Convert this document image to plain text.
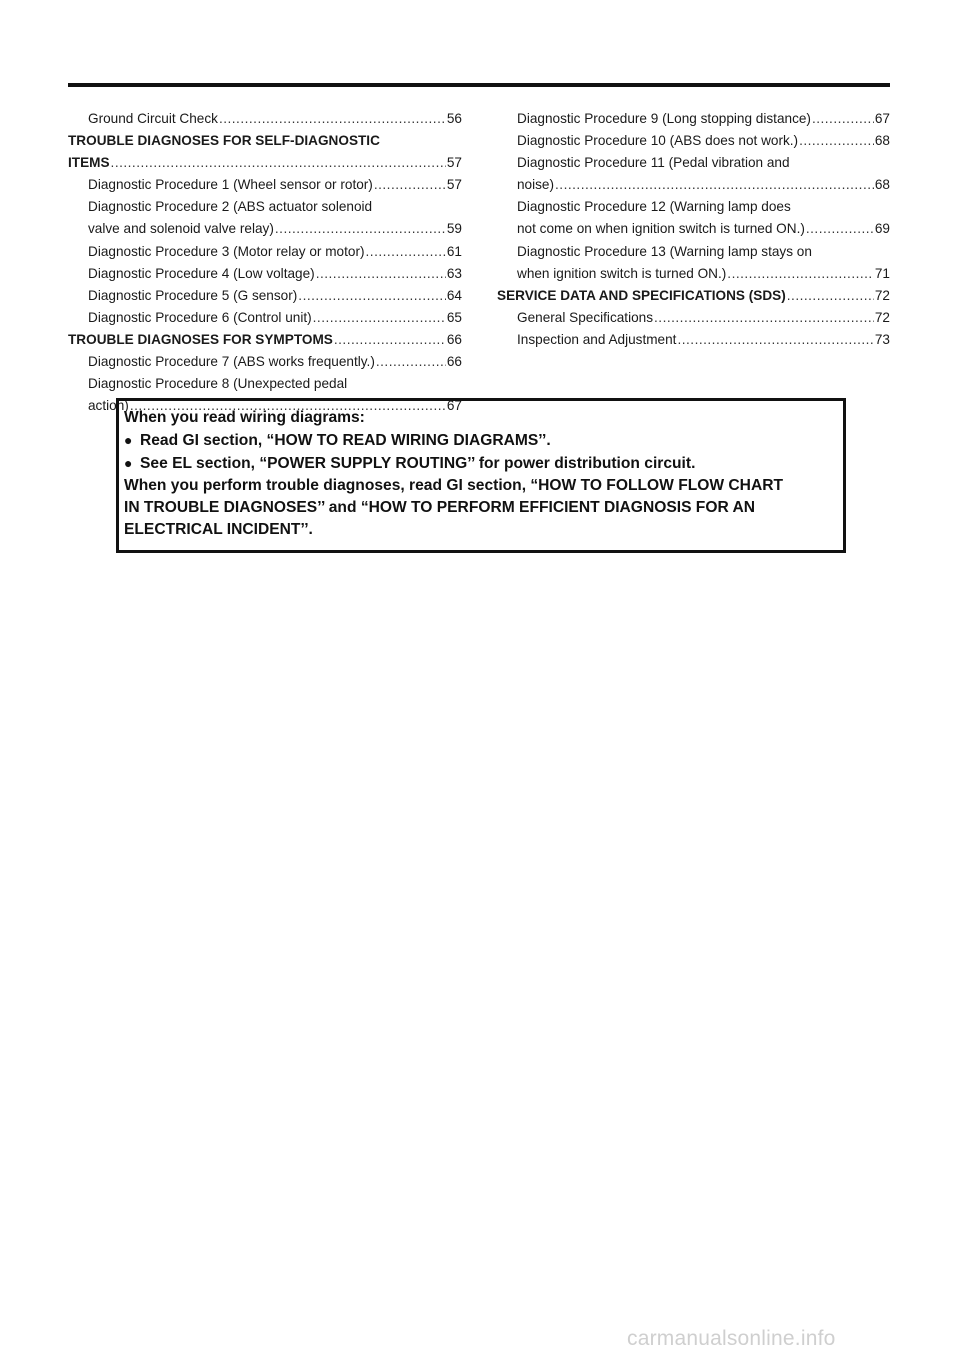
Ground Circuit Check .....	56
TROUBLE DIAGNOSES FOR SELF-DIAGNOSTIC
ITEMS .....	57
Diagnostic Procedure 1 (Wheel sensor or rotor) .....	57
Diagnostic Procedure 2 (ABS actuator solenoid
valve and solenoid valve relay) .....	59
Diagnostic Procedure 3 (Motor relay or motor) .....	61
Diagnostic Procedure 4 (Low voltage) .....	63
Diagnostic Procedure 5 (G sensor) .....	64
Diagnostic Procedure 6 (Control unit) .....	65
TROUBLE DIAGNOSES FOR SYMPTOMS .....	66
Diagnostic Procedure 7 (ABS works frequently.) .....	66
Diagnostic Procedure 8 (Unexpected pedal
action) .....	67
Diagnostic Procedure 9 (Long stopping distance) .....	67
Diagnostic Procedure 10 (ABS does not work.) .....	68
Diagnostic Procedure 11 (Pedal vibration and
noise) .....	68
Diagnostic Procedure 12 (Warning lamp does
not come on when ignition switch is turned ON.) .....	69
Diagnostic Procedure 13 (Warning lamp stays on
when ignition switch is turned ON.) .....	71
SERVICE DATA AND SPECIFICATIONS (SDS) .....	72
General Specifications .....	72
Inspection and Adjustment .....	73
When you read wiring diagrams:
● Read GI section, “HOW TO READ WIRING DIAGRAMS’’.
● See EL section, “POWER SUPPLY ROUTING’’ for power distribution circuit.
When you perform trouble diagnoses, read GI section, “HOW TO FOLLOW FLOW CHART
IN TROUBLE DIAGNOSES’’ and “HOW TO PERFORM EFFICIENT DIAGNOSIS FOR AN
ELECTRICAL INCIDENT’’.
carmanualsonline.info
